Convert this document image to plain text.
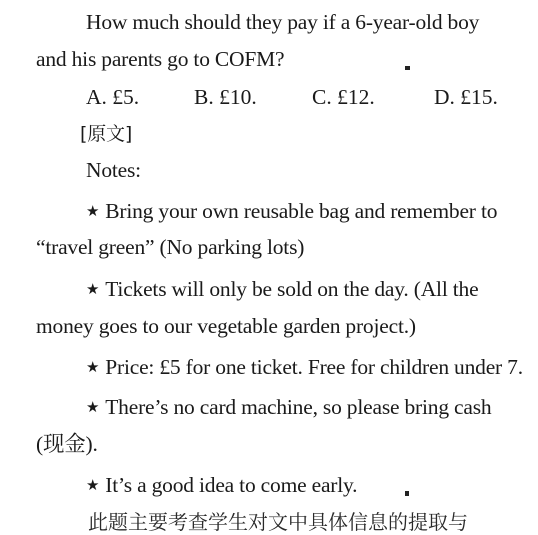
How much should they pay if a 6-year-old boy
and his parents go to COFM?
A. £5.	B. £10.	C. £12.	D. £15.
[原文]
Notes:
★ Bring your own reusable bag and remember to
“travel green” (No parking lots)
★ Tickets will only be sold on the day. (All the
money goes to our vegetable garden project.)
★ Price: £5 for one ticket. Free for children under 7.
★ There’s no card machine, so please bring cash
(现金).
★ It’s a good idea to come early.
此题主要考查学生对文中具体信息的提取与
